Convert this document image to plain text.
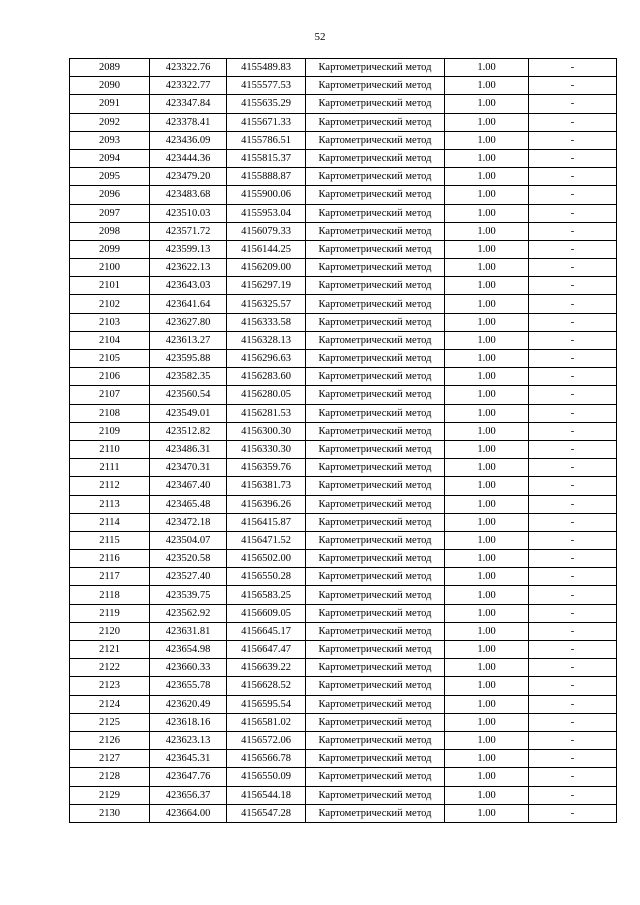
52
2089	423322.76	4155489.83	Картометрический метод	1.00	-
2090	423322.77	4155577.53	Картометрический метод	1.00	-
2091	423347.84	4155635.29	Картометрический метод	1.00	-
2092	423378.41	4155671.33	Картометрический метод	1.00	-
2093	423436.09	4155786.51	Картометрический метод	1.00	-
2094	423444.36	4155815.37	Картометрический метод	1.00	-
2095	423479.20	4155888.87	Картометрический метод	1.00	-
2096	423483.68	4155900.06	Картометрический метод	1.00	-
2097	423510.03	4155953.04	Картометрический метод	1.00	-
2098	423571.72	4156079.33	Картометрический метод	1.00	-
2099	423599.13	4156144.25	Картометрический метод	1.00	-
2100	423622.13	4156209.00	Картометрический метод	1.00	-
2101	423643.03	4156297.19	Картометрический метод	1.00	-
2102	423641.64	4156325.57	Картометрический метод	1.00	-
2103	423627.80	4156333.58	Картометрический метод	1.00	-
2104	423613.27	4156328.13	Картометрический метод	1.00	-
2105	423595.88	4156296.63	Картометрический метод	1.00	-
2106	423582.35	4156283.60	Картометрический метод	1.00	-
2107	423560.54	4156280.05	Картометрический метод	1.00	-
2108	423549.01	4156281.53	Картометрический метод	1.00	-
2109	423512.82	4156300.30	Картометрический метод	1.00	-
2110	423486.31	4156330.30	Картометрический метод	1.00	-
2111	423470.31	4156359.76	Картометрический метод	1.00	-
2112	423467.40	4156381.73	Картометрический метод	1.00	-
2113	423465.48	4156396.26	Картометрический метод	1.00	-
2114	423472.18	4156415.87	Картометрический метод	1.00	-
2115	423504.07	4156471.52	Картометрический метод	1.00	-
2116	423520.58	4156502.00	Картометрический метод	1.00	-
2117	423527.40	4156550.28	Картометрический метод	1.00	-
2118	423539.75	4156583.25	Картометрический метод	1.00	-
2119	423562.92	4156609.05	Картометрический метод	1.00	-
2120	423631.81	4156645.17	Картометрический метод	1.00	-
2121	423654.98	4156647.47	Картометрический метод	1.00	-
2122	423660.33	4156639.22	Картометрический метод	1.00	-
2123	423655.78	4156628.52	Картометрический метод	1.00	-
2124	423620.49	4156595.54	Картометрический метод	1.00	-
2125	423618.16	4156581.02	Картометрический метод	1.00	-
2126	423623.13	4156572.06	Картометрический метод	1.00	-
2127	423645.31	4156566.78	Картометрический метод	1.00	-
2128	423647.76	4156550.09	Картометрический метод	1.00	-
2129	423656.37	4156544.18	Картометрический метод	1.00	-
2130	423664.00	4156547.28	Картометрический метод	1.00	-
